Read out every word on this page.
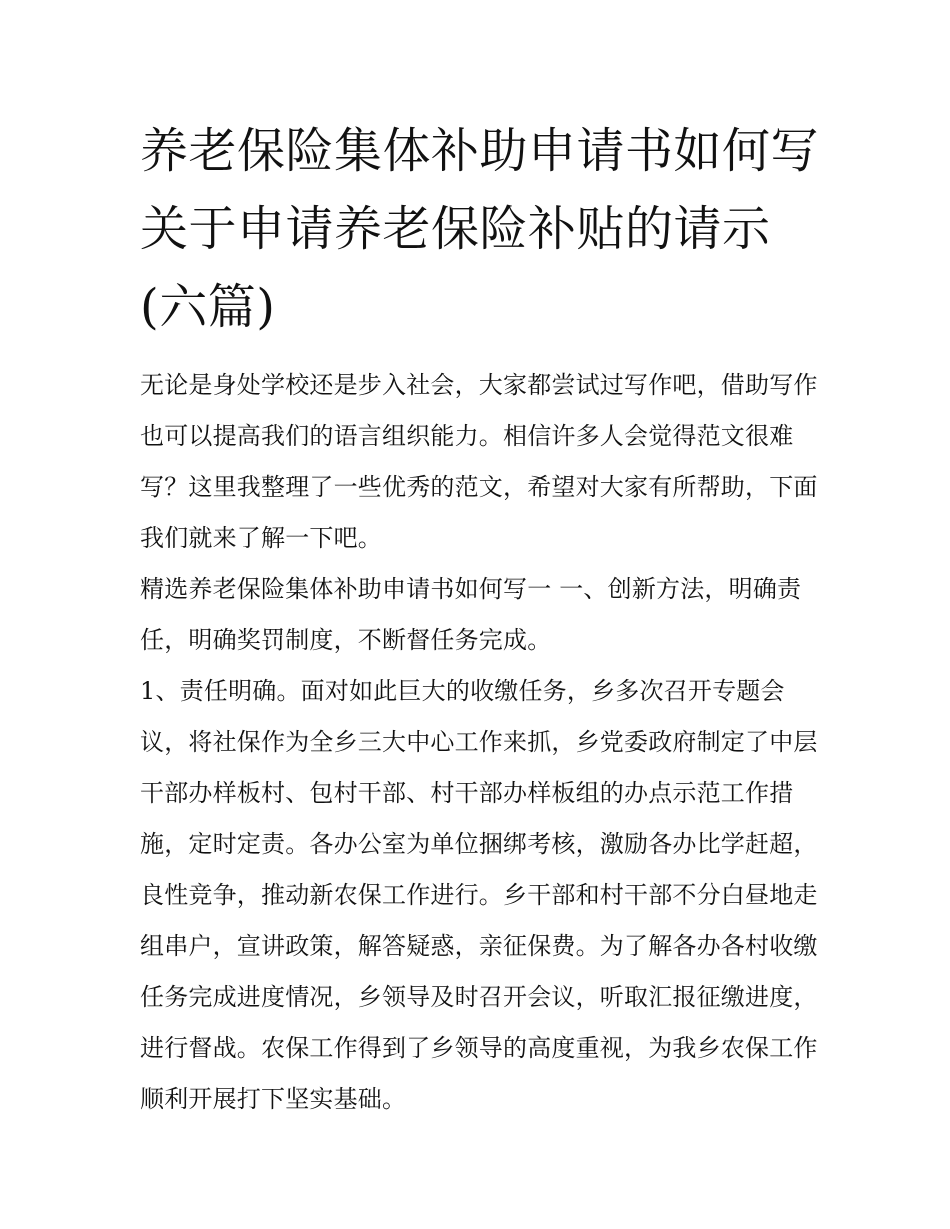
养老保险集体补助申请书如何写 关于申请养老保险补贴的请示(六篇)

无论是身处学校还是步入社会，大家都尝试过写作吧，借助写作也可以提高我们的语言组织能力。相信许多人会觉得范文很难写？这里我整理了一些优秀的范文，希望对大家有所帮助，下面我们就来了解一下吧。

精选养老保险集体补助申请书如何写一 一、创新方法，明确责任，明确奖罚制度，不断督任务完成。

1、责任明确。面对如此巨大的收缴任务，乡多次召开专题会议，将社保作为全乡三大中心工作来抓，乡党委政府制定了中层干部办样板村、包村干部、村干部办样板组的办点示范工作措施，定时定责。各办公室为单位捆绑考核，激励各办比学赶超，良性竞争，推动新农保工作进行。乡干部和村干部不分白昼地走组串户，宣讲政策，解答疑惑，亲征保费。为了解各办各村收缴任务完成进度情况，乡领导及时召开会议，听取汇报征缴进度，进行督战。农保工作得到了乡领导的高度重视，为我乡农保工作顺利开展打下坚实基础。
